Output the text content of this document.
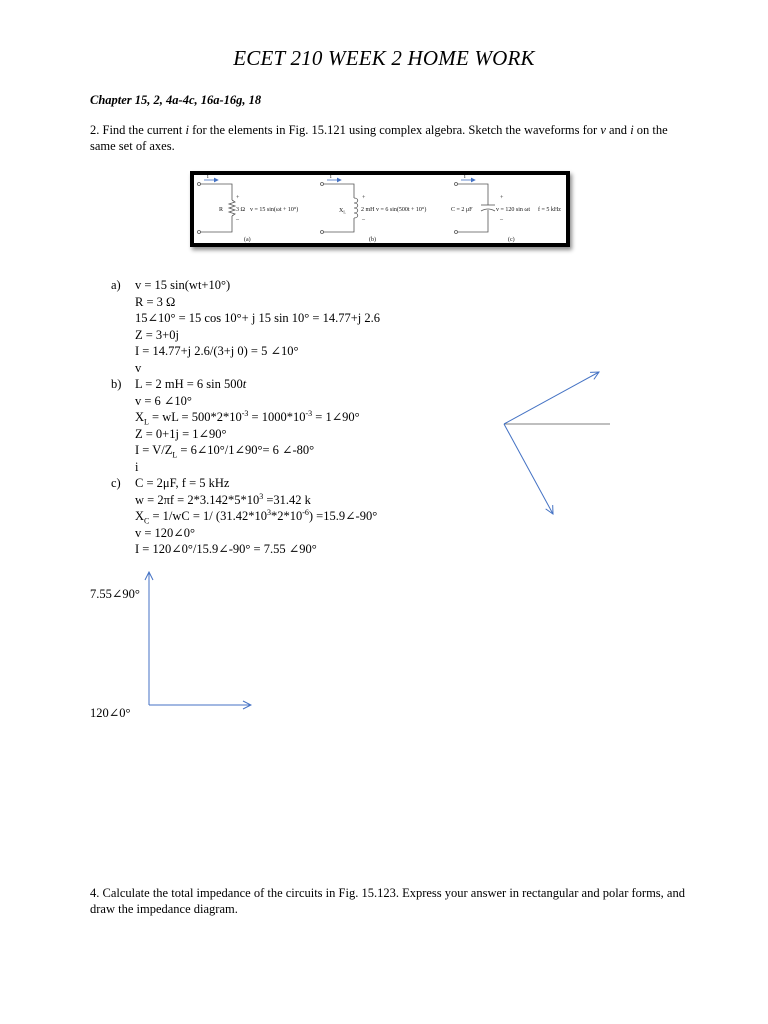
ECET 210 WEEK 2 HOME WORK
Chapter 15, 2, 4a-4c, 16a-16g, 18
2. Find the current i for the elements in Fig. 15.121 using complex algebra. Sketch the waveforms for v and i on the same set of axes.
i	i	i
+
–
R 3 Ω v = 15 sin(ωt + 10°)
(a)
+
–
$X_L$	2 mH v = 6 sin(500t + 10°)
(b)
+
–
C = 2 μF	v = 120 sin ωt f = 5 kHz
(c)
a) v = 15 sin(wt+10°)
R = 3 Ω
15∠10° = 15 cos 10°+ j 15 sin 10° = 14.77+j 2.6
Z = 3+0j
I = 14.77+j 2.6/(3+j 0) = 5 ∠10°
v
b) L = 2 mH = 6 sin 500t
v = 6 ∠10°
$X_L$ = wL = $500*2*10^{-3} = 1000*10^{-3}$ = 1∠90°
Z = 0+1j = 1∠90°
$I = V/Z_L$ = 6∠10°/1∠90°= 6 ∠-80°
i
c) C = 2μF, f = 5 kHz
$w = 2\pi f = 2*3.142*5*10^3 =31.42$ k
$X_C = 1/wC = 1/$ $(31.42*10^3*2*10^{-6})$ =15.9∠-90°
v = 120∠0°
I = 120∠0°/15.9∠-90° = 7.55 ∠90°
7.55∠90°
120∠0°
4. Calculate the total impedance of the circuits in Fig. 15.123. Express your answer in rectangular and polar forms, and draw the impedance diagram.
